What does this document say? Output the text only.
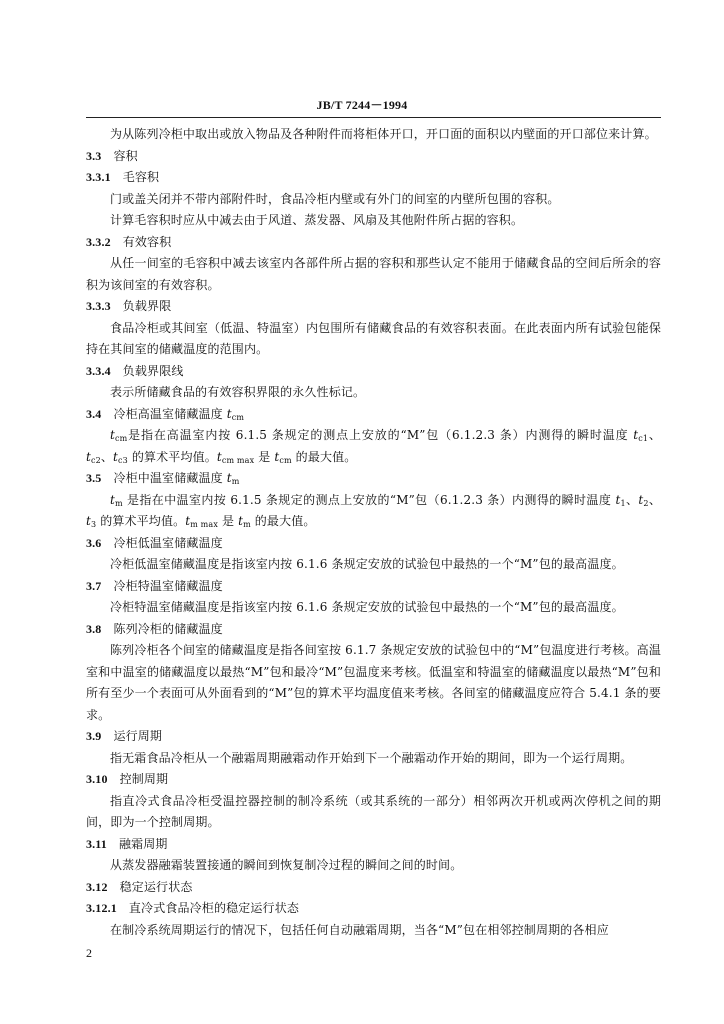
JB/T 7244－1994
为从陈列冷柜中取出或放入物品及各种附件而将柜体开口，开口面的面积以内壁面的开口部位来计算。
3.3 容积
3.3.1 毛容积
门或盖关闭并不带内部附件时，食品冷柜内壁或有外门的间室的内壁所包围的容积。
计算毛容积时应从中减去由于风道、蒸发器、风扇及其他附件所占据的容积。
3.3.2 有效容积
从任一间室的毛容积中减去该室内各部件所占据的容积和那些认定不能用于储藏食品的空间后所余的容积为该间室的有效容积。
3.3.3 负载界限
食品冷柜或其间室（低温、特温室）内包围所有储藏食品的有效容积表面。在此表面内所有试验包能保持在其间室的储藏温度的范围内。
3.3.4 负载界限线
表示所储藏食品的有效容积界限的永久性标记。
3.4 冷柜高温室储藏温度 $t_{cm}$
$t_{cm}$是指在高温室内按 6.1.5 条规定的测点上安放的“M”包（6.1.2.3 条）内测得的瞬时温度 $t_{c1}$、$t_{c2}$、$t_{c3}$ 的算术平均值。$t_{cm max}$ 是 $t_{cm}$ 的最大值。
3.5 冷柜中温室储藏温度 $t_m$
$t_m$ 是指在中温室内按 6.1.5 条规定的测点上安放的“M”包（6.1.2.3 条）内测得的瞬时温度 $t_1$、$t_2$、$t_3$ 的算术平均值。$t_{m max}$ 是 $t_m$ 的最大值。
3.6 冷柜低温室储藏温度
冷柜低温室储藏温度是指该室内按 6.1.6 条规定安放的试验包中最热的一个“M”包的最高温度。
3.7 冷柜特温室储藏温度
冷柜特温室储藏温度是指该室内按 6.1.6 条规定安放的试验包中最热的一个“M”包的最高温度。
3.8 陈列冷柜的储藏温度
陈列冷柜各个间室的储藏温度是指各间室按 6.1.7 条规定安放的试验包中的“M”包温度进行考核。高温室和中温室的储藏温度以最热“M”包和最冷“M”包温度来考核。低温室和特温室的储藏温度以最热“M”包和所有至少一个表面可从外面看到的“M”包的算术平均温度值来考核。各间室的储藏温度应符合 5.4.1 条的要求。
3.9 运行周期
指无霜食品冷柜从一个融霜周期融霜动作开始到下一个融霜动作开始的期间，即为一个运行周期。
3.10 控制周期
指直冷式食品冷柜受温控器控制的制冷系统（或其系统的一部分）相邻两次开机或两次停机之间的期间，即为一个控制周期。
3.11 融霜周期
从蒸发器融霜装置接通的瞬间到恢复制冷过程的瞬间之间的时间。
3.12 稳定运行状态
3.12.1 直冷式食品冷柜的稳定运行状态
在制冷系统周期运行的情况下，包括任何自动融霜周期，当各“M”包在相邻控制周期的各相应
2
